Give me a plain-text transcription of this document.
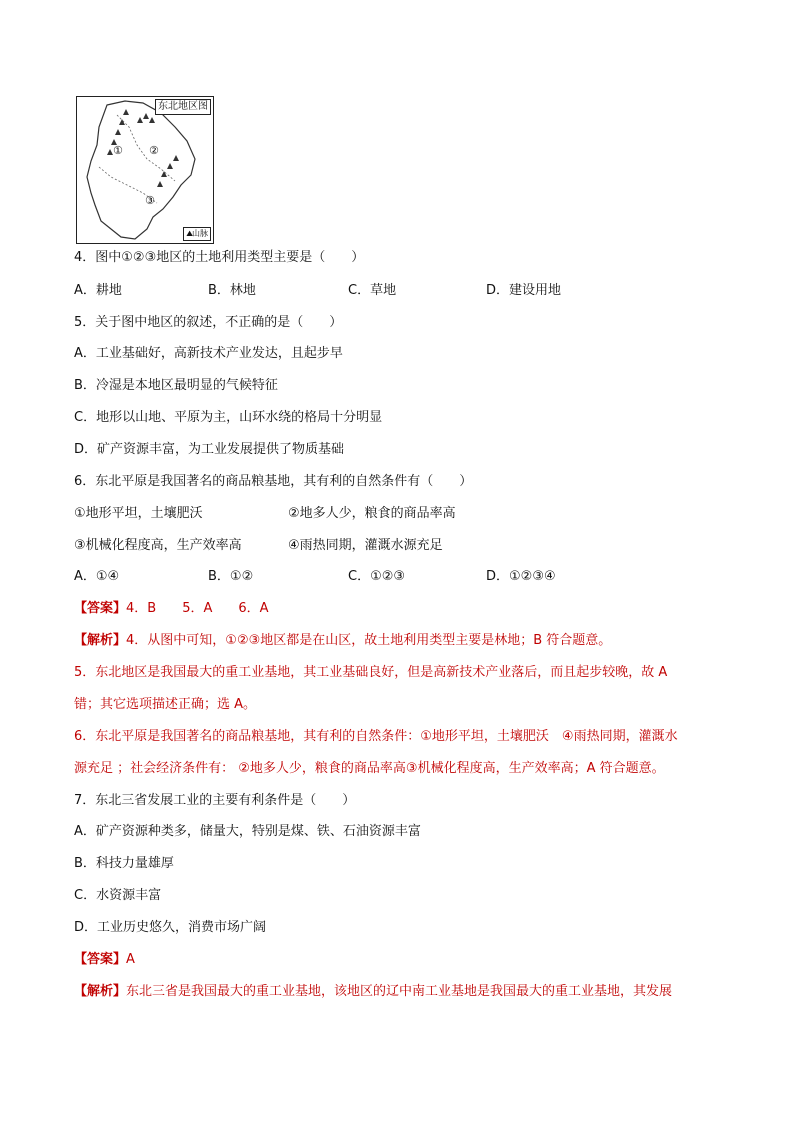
东北地区图
① ②
③
⛰山脉
4．图中①②③地区的土地利用类型主要是（　　）
A．耕地	B．林地	C．草地	D．建设用地
5．关于图中地区的叙述，不正确的是（　　）
A．工业基础好，高新技术产业发达，且起步早
B．冷湿是本地区最明显的气候特征
C．地形以山地、平原为主，山环水绕的格局十分明显
D．矿产资源丰富，为工业发展提供了物质基础
6．东北平原是我国著名的商品粮基地，其有利的自然条件有（　　）
①地形平坦，土壤肥沃	②地多人少，粮食的商品率高
③机械化程度高，生产效率高	④雨热同期，灌溉水源充足
A．①④	B．①②	C．①②③	D．①②③④
【答案】4．B　　5．A　　6．A
【解析】4．从图中可知，①②③地区都是在山区，故土地利用类型主要是林地；B 符合题意。
5．东北地区是我国最大的重工业基地，其工业基础良好，但是高新技术产业落后，而且起步较晚，故 A
错；其它选项描述正确；选 A。
6．东北平原是我国著名的商品粮基地，其有利的自然条件：①地形平坦，土壤肥沃　④雨热同期，灌溉水
源充足 ；社会经济条件有： ②地多人少，粮食的商品率高③机械化程度高，生产效率高；A 符合题意。
7．东北三省发展工业的主要有利条件是（　　）
A．矿产资源种类多，储量大，特别是煤、铁、石油资源丰富
B．科技力量雄厚
C．水资源丰富
D．工业历史悠久，消费市场广阔
【答案】A
【解析】东北三省是我国最大的重工业基地，该地区的辽中南工业基地是我国最大的重工业基地，其发展
